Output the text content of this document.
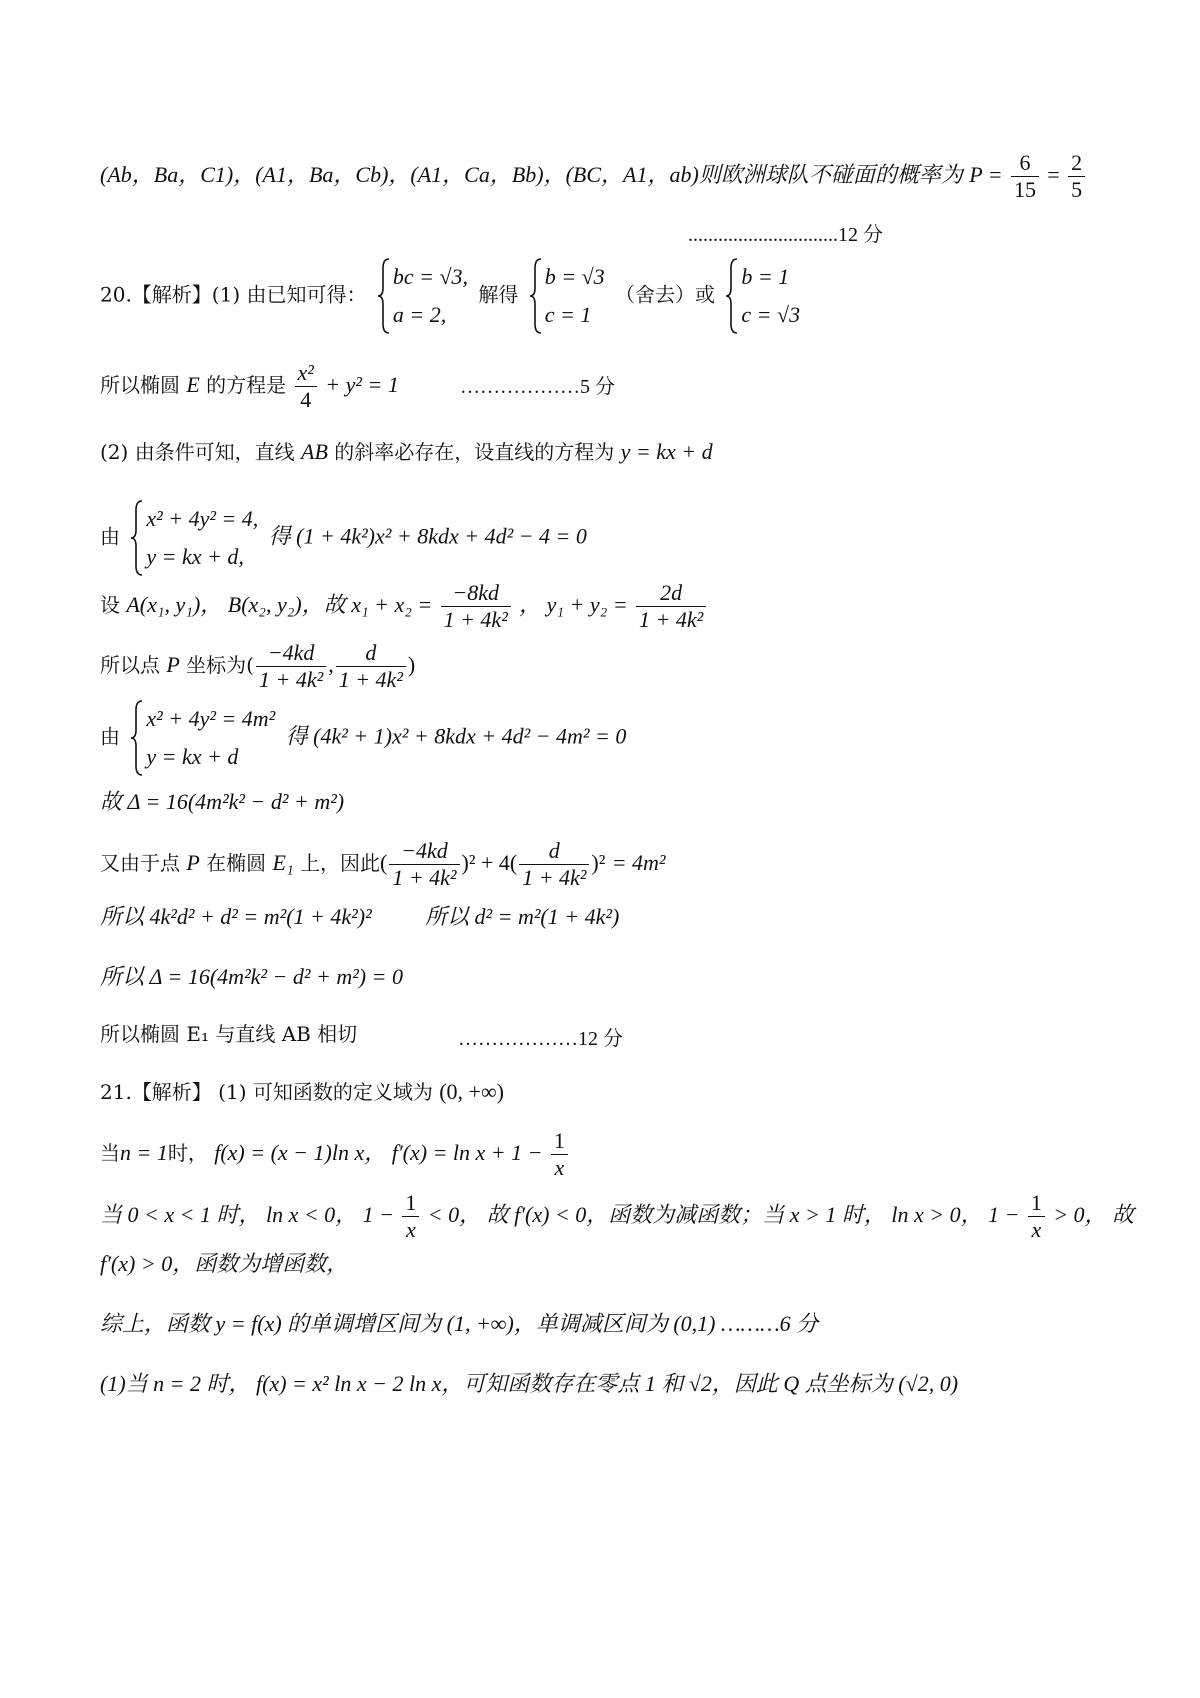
(Ab，Ba，C1)，(A1，Ba，Cb)，(A1，Ca，Bb)，(BC，A1，ab)则欧洲球队不碰面的概率为 $P = \frac{6}{15} = \frac{2}{5}$
..............................12 分
20.【解析】(1) 由已知可得：
bc = √3,
a = 2,
解得
b = √3
c = 1
（舍去）或
b = 1
c = √3
所以椭圆 E 的方程是 $\frac{\text{x²}}{4} + y^2 = 1$	………………5 分
(2) 由条件可知，直线 AB 的斜率必存在，设直线的方程为 y = kx + d
由
x² + 4y² = 4,
y = kx + d,
得 (1 + 4k²)x² + 8kdx + 4d² − 4 = 0
设 A(x₁, y₁)， B(x₂, y₂)，故 $x_1 + x_2 = \frac{-8kd}{\text{1 + 4k²}}$ ， $y_1 + y_2 = \frac{2d}{\text{1 + 4k²}}$
所以点 P 坐标为( $\frac{-4kd}{\text{1 + 4k²}}$ , $\frac{d}{\text{1 + 4k²}}$ )
由
x² + 4y² = 4m²
y = kx + d
得 (4k² + 1)x² + 8kdx + 4d² − 4m² = 0
故 Δ = 16(4m²k² − d² + m²)
又由于点 P 在椭圆 E₁ 上，因此( $\frac{-4kd}{\text{1 + 4k²}} )^2 + 4( \frac{d}{\text{1 + 4k²}} )^2 = 4m^2$
所以 4k²d² + d² = m²(1 + 4k²)² 所以 d² = m²(1 + 4k²)
所以 Δ = 16(4m²k² − d² + m²) = 0
所以椭圆 E₁ 与直线 AB 相切	………………12 分
21.【解析】 (1) 可知函数的定义域为 (0, +∞)
当n = 1时， f(x) = (x − 1)ln x， $f'(x) = \ln x + 1 - \frac{1}{x}$
当 0 < x < 1 时， ln x < 0， $1 - \frac{1}{x} < 0$， 故 f′(x) < 0，函数为减函数；当 x > 1 时， ln x > 0， $1 - \frac{1}{x} > 0$， 故
f′(x) > 0，函数为增函数，
综上，函数 y = f(x) 的单调增区间为 (1, +∞)，单调减区间为 (0,1) ………6 分
(1)当 n = 2 时， f(x) = x² ln x − 2 ln x，可知函数存在零点 1 和 √2，因此 Q 点坐标为 (√2, 0)
